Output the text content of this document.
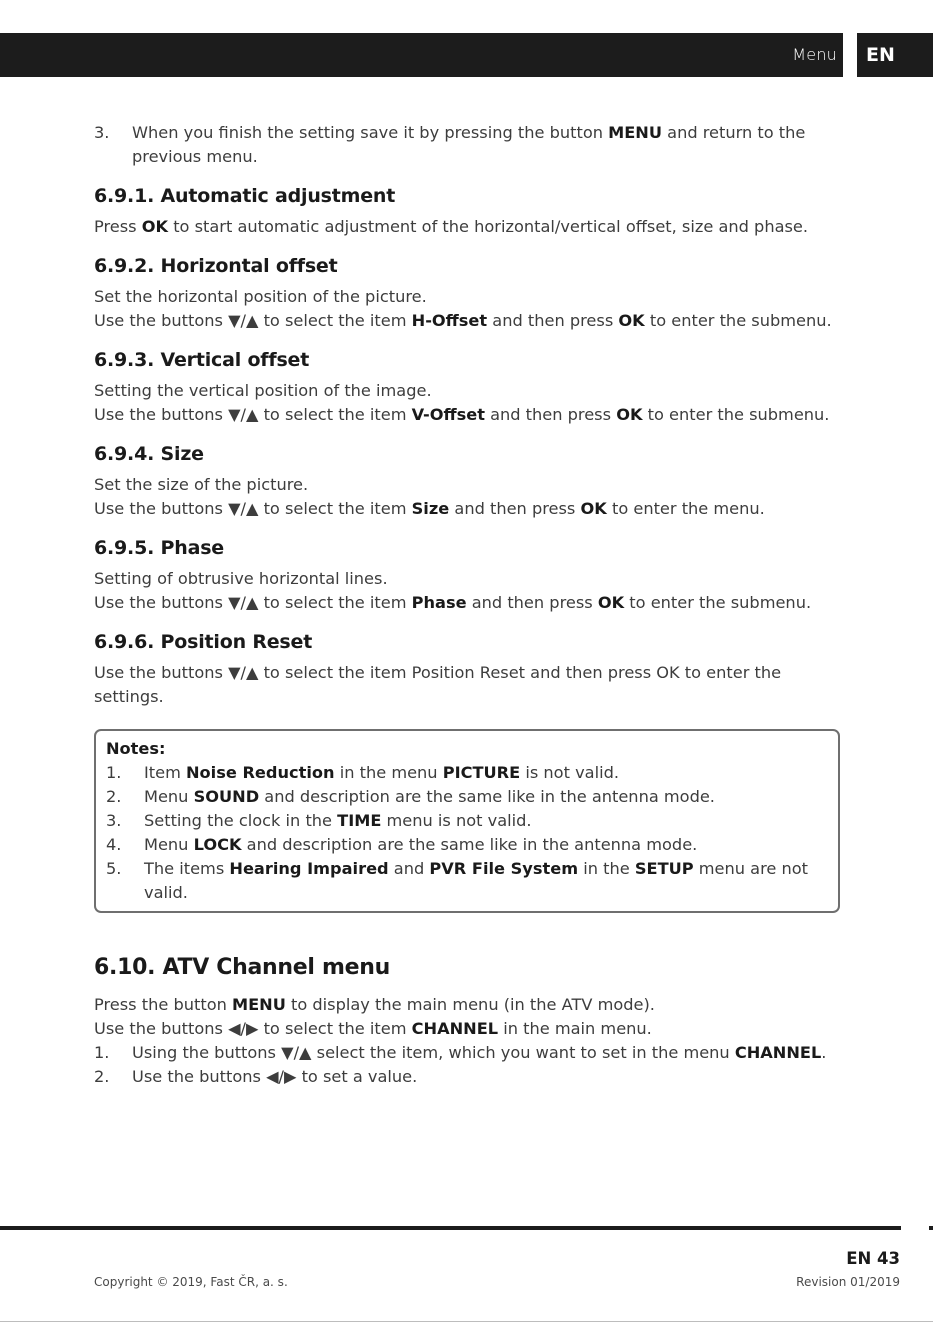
Menu	EN
3.	When you finish the setting save it by pressing the button MENU and return to the previous menu.
6.9.1. Automatic adjustment

Press OK to start automatic adjustment of the horizontal/vertical offset, size and phase.

6.9.2. Horizontal offset

Set the horizontal position of the picture.

Use the buttons ▼/▲ to select the item H-Offset and then press OK to enter the submenu.

6.9.3. Vertical offset

Setting the vertical position of the image.

Use the buttons ▼/▲ to select the item V-Offset and then press OK to enter the submenu.

6.9.4. Size

Set the size of the picture.

Use the buttons ▼/▲ to select the item Size and then press OK to enter the menu.

6.9.5. Phase

Setting of obtrusive horizontal lines.

Use the buttons ▼/▲ to select the item Phase and then press OK to enter the submenu.

6.9.6. Position Reset

Use the buttons ▼/▲ to select the item Position Reset and then press OK to enter the settings.

Notes:
1.	Item Noise Reduction in the menu PICTURE is not valid.
2.	Menu SOUND and description are the same like in the antenna mode.
3.	Setting the clock in the TIME menu is not valid.
4.	Menu LOCK and description are the same like in the antenna mode.
5.	The items Hearing Impaired and PVR File System in the SETUP menu are not valid.
6.10. ATV Channel menu

Press the button MENU to display the main menu (in the ATV mode).

Use the buttons ◀/▶ to select the item CHANNEL in the main menu.

1.	Using the buttons ▼/▲ select the item, which you want to set in the menu CHANNEL.
2.	Use the buttons ◀/▶ to set a value.
EN 43
Copyright © 2019, Fast ČR, a. s.	Revision 01/2019
